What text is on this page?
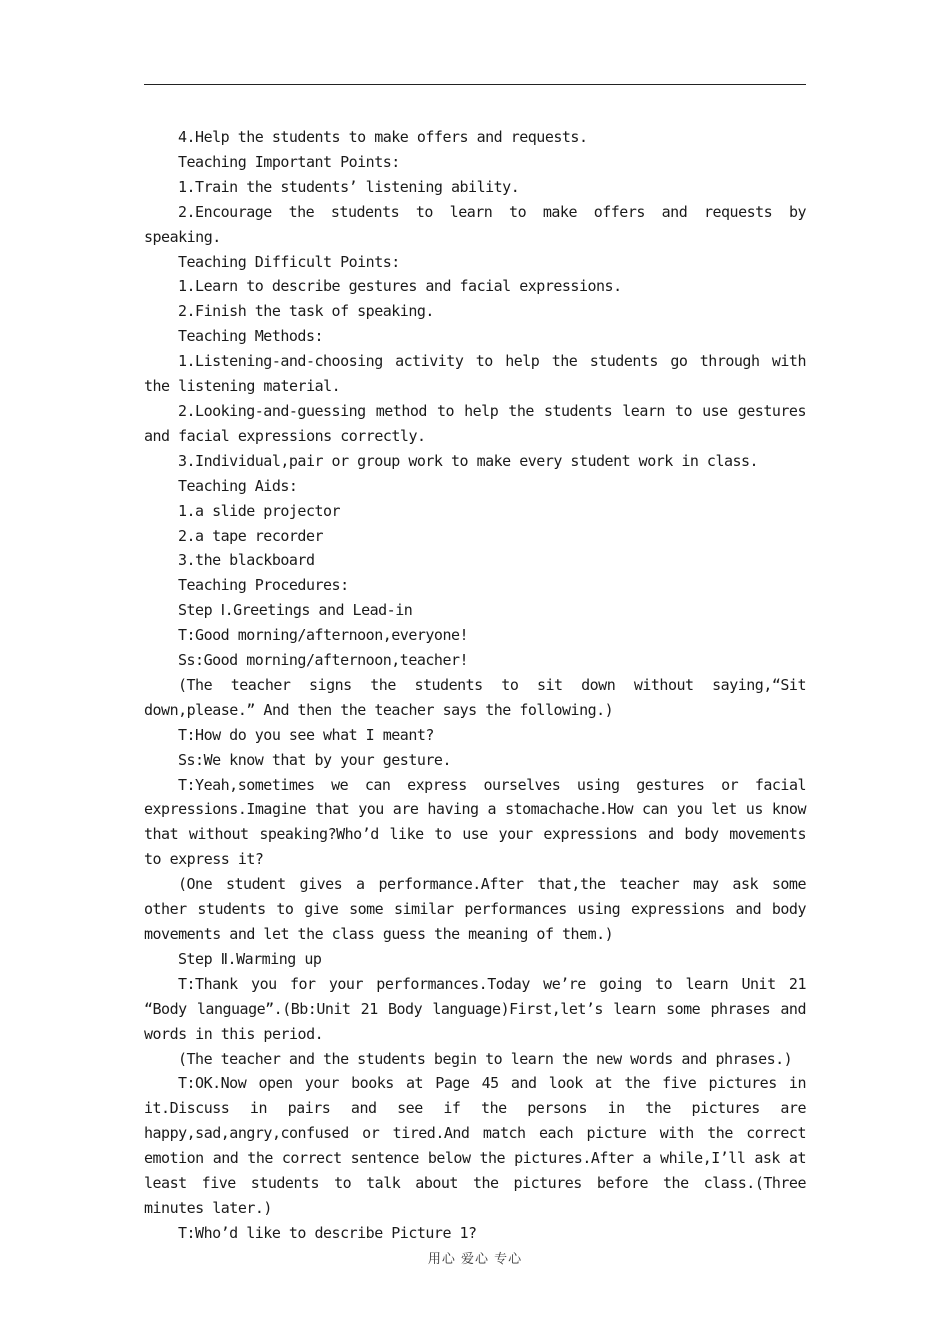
4.Help the students to make offers and requests.

Teaching Important Points:

1.Train the students’ listening ability.

2.Encourage the students to learn to make offers and requests by speaking.

Teaching Difficult Points:

1.Learn to describe gestures and facial expressions.

2.Finish the task of speaking.

Teaching Methods:

1.Listening-and-choosing activity to help the students go through with the listening material.

2.Looking-and-guessing method to help the students learn to use gestures and facial expressions correctly.

3.Individual,pair or group work to make every student work in class.

Teaching Aids:

1.a slide projector

2.a tape recorder

3.the blackboard

Teaching Procedures:

Step Ⅰ.Greetings and Lead-in

T:Good morning/afternoon,everyone!

Ss:Good morning/afternoon,teacher!

(The teacher signs the students to sit down without saying,“Sit down,please.” And then the teacher says the following.)

T:How do you see what I meant?

Ss:We know that by your gesture.

T:Yeah,sometimes we can express ourselves using gestures or facial expressions.Imagine that you are having a stomachache.How can you let us know that without speaking?Who’d like to use your expressions and body movements to express it?

(One student gives a performance.After that,the teacher may ask some other students to give some similar performances using expressions and body movements and let the class guess the meaning of them.)

Step Ⅱ.Warming up

T:Thank you for your performances.Today we’re going to learn Unit 21 “Body language”.(Bb:Unit 21 Body language)First,let’s learn some phrases and words in this period.

(The teacher and the students begin to learn the new words and phrases.)

T:OK.Now open your books at Page 45 and look at the five pictures in it.Discuss in pairs and see if the persons in the pictures are happy,sad,angry,confused or tired.And match each picture with the correct emotion and the correct sentence below the pictures.After a while,I’ll ask at least five students to talk about the pictures before the class.(Three minutes later.)

T:Who’d like to describe Picture 1?

用心 爱心 专心
